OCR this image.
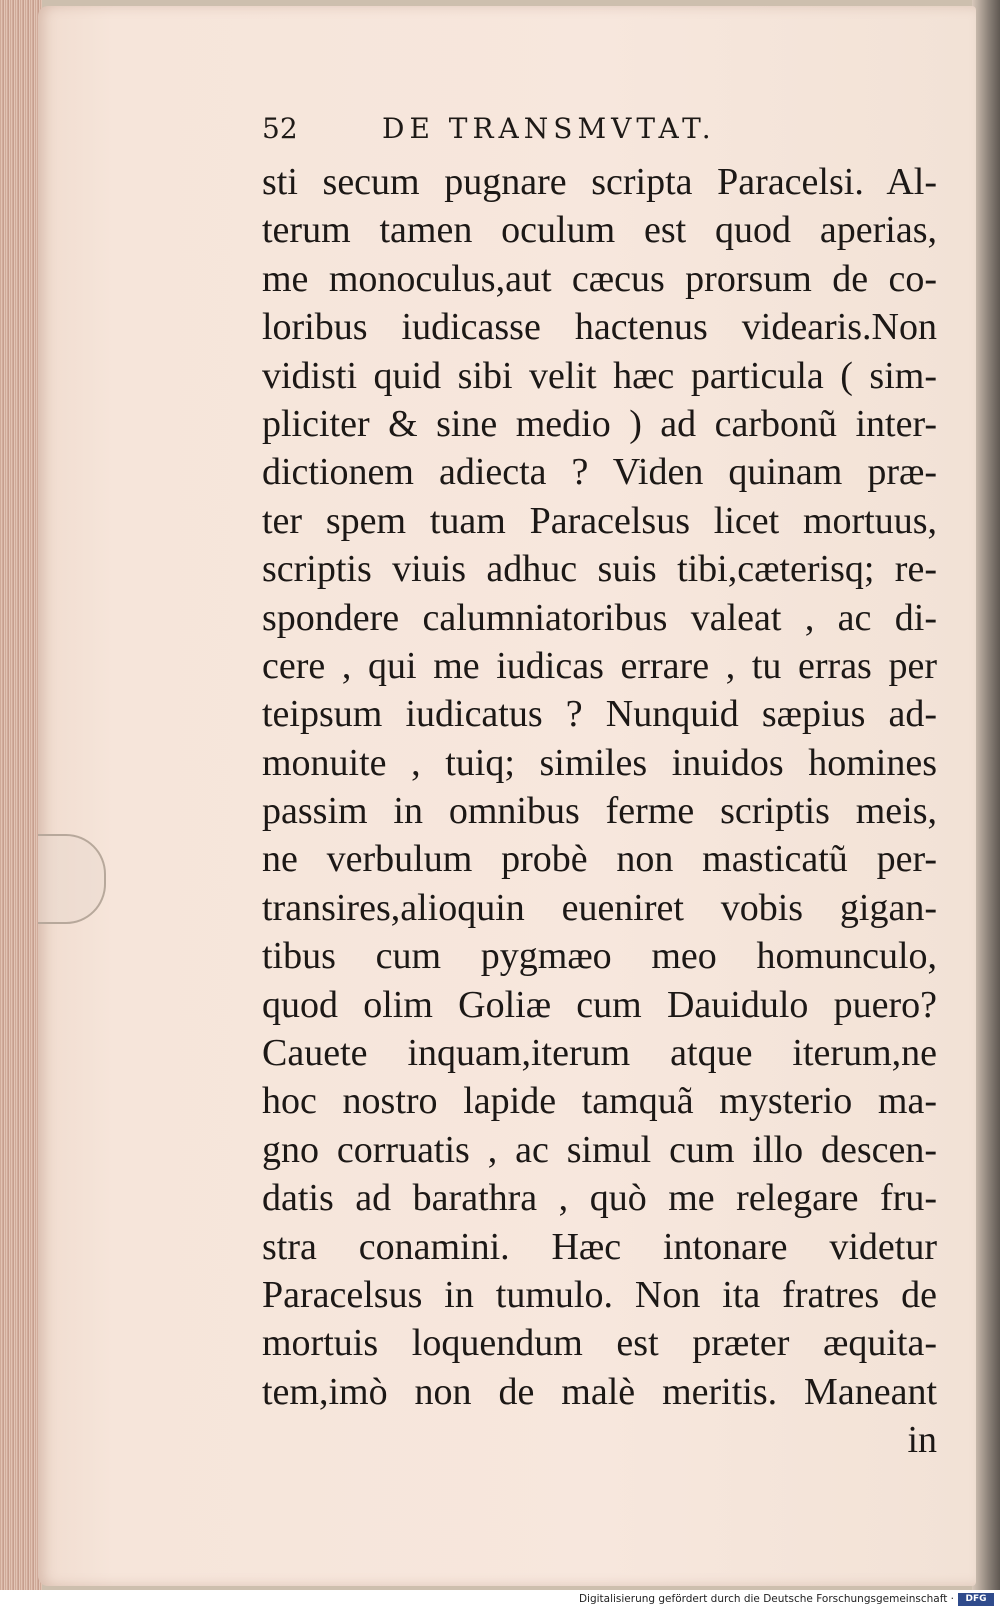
52	DE TRANSMVTAT.
sti secum pugnare scripta Paracelsi. Al-
terum tamen oculum est quod aperias,
me monoculus,aut cæcus prorsum de co-
loribus iudicasse hactenus videaris.Non
vidisti quid sibi velit hæc particula ( sim-
pliciter & sine medio ) ad carbonũ inter-
dictionem adiecta ? Viden quinam præ-
ter spem tuam Paracelsus licet mortuus,
scriptis viuis adhuc suis tibi,cæterisq; re-
spondere calumniatoribus valeat , ac di-
cere , qui me iudicas errare , tu erras per
teipsum iudicatus ? Nunquid sæpius ad-
monuite , tuiq; similes inuidos homines
passim in omnibus ferme scriptis meis,
ne verbulum probè non masticatũ per-
transires,alioquin eueniret vobis gigan-
tibus cum pygmæo meo homunculo,
quod olim Goliæ cum Dauidulo puero?
Cauete inquam,iterum atque iterum,ne
hoc nostro lapide tamquã mysterio ma-
gno corruatis , ac simul cum illo descen-
datis ad barathra , quò me relegare fru-
stra conamini. Hæc intonare videtur
Paracelsus in tumulo. Non ita fratres de
mortuis loquendum est præter æquita-
tem,imò non de malè meritis. Maneant
in
Digitalisierung gefördert durch die Deutsche Forschungsgemeinschaft ·	DFG
